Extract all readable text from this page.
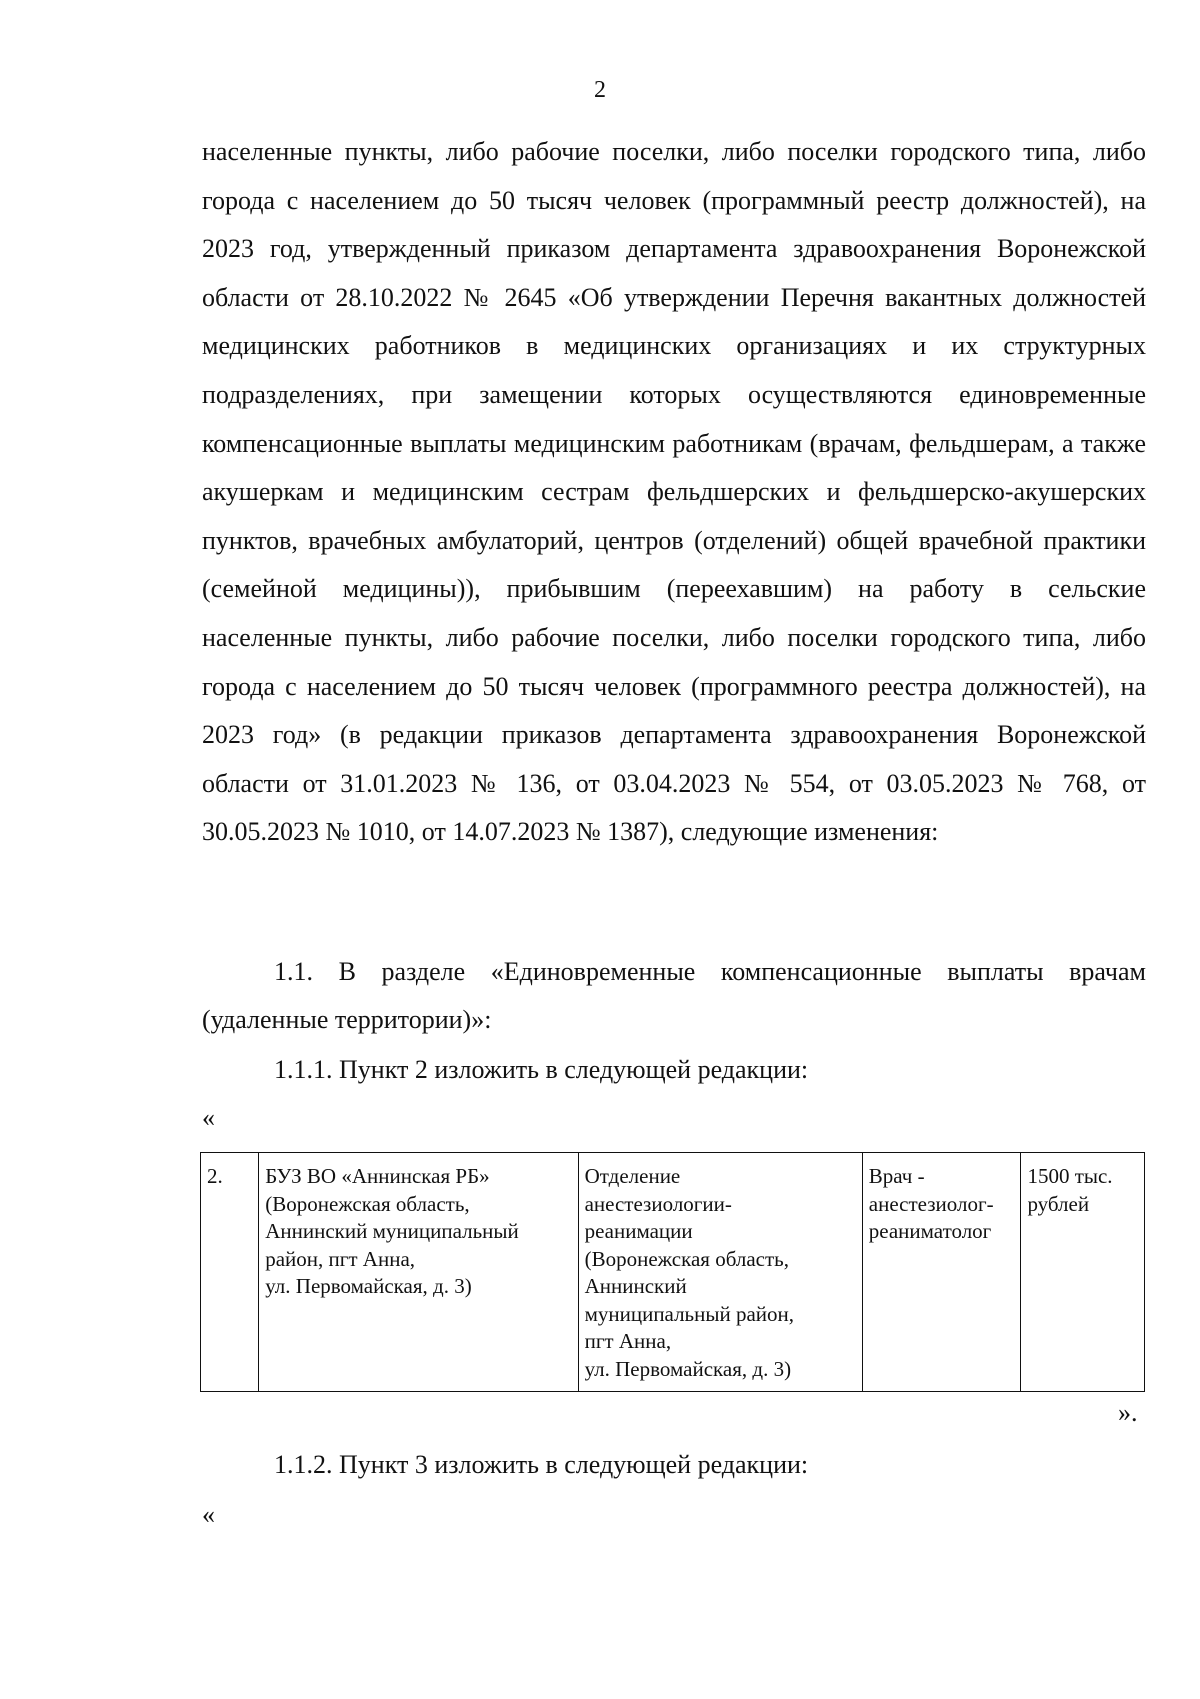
2

населенные пункты, либо рабочие поселки, либо поселки городского типа, либо города с населением до 50 тысяч человек (программный реестр должностей), на 2023 год, утвержденный приказом департамента здравоохранения Воронежской области от 28.10.2022 № 2645 «Об утверждении Перечня вакантных должностей медицинских работников в медицинских организациях и их структурных подразделениях, при замещении которых осуществляются единовременные компенсационные выплаты медицинским работникам (врачам, фельдшерам, а также акушеркам и медицинским сестрам фельдшерских и фельдшерско-акушерских пунктов, врачебных амбулаторий, центров (отделений) общей врачебной практики (семейной медицины)), прибывшим (переехавшим) на работу в сельские населенные пункты, либо рабочие поселки, либо поселки городского типа, либо города с населением до 50 тысяч человек (программного реестра должностей), на 2023 год» (в редакции приказов департамента здравоохранения Воронежской области от 31.01.2023 № 136, от 03.04.2023 № 554, от 03.05.2023 № 768, от 30.05.2023 № 1010, от 14.07.2023 № 1387), следующие изменения:

1.1. В разделе «Единовременные компенсационные выплаты врачам (удаленные территории)»:

1.1.1. Пункт 2 изложить в следующей редакции:

«
2.	БУЗ ВО «Аннинская РБ»
(Воронежская область,
Аннинский муниципальный
район, пгт Анна,
ул. Первомайская, д. 3)	Отделение
анестезиологии-
реанимации
(Воронежская область,
Аннинский
муниципальный район,
пгт Анна,
ул. Первомайская, д. 3)	Врач -
анестезиолог-
реаниматолог	1500 тыс.
рублей
».

1.1.2. Пункт 3 изложить в следующей редакции:

«
